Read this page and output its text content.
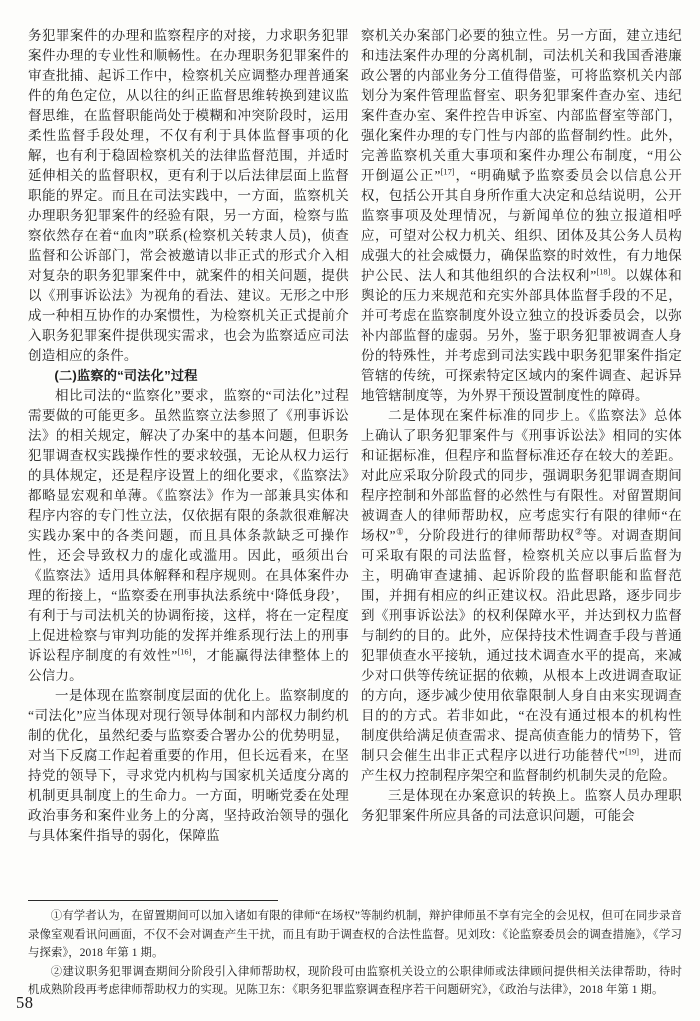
务犯罪案件的办理和监察程序的对接，力求职务犯罪案件办理的专业性和顺畅性。在办理职务犯罪案件的审查批捕、起诉工作中，检察机关应调整办理普通案件的角色定位，从以往的纠正监督思维转换到建议监督思维，在监督职能尚处于模糊和冲突阶段时，运用柔性监督手段处理，不仅有利于具体监督事项的化解，也有利于稳固检察机关的法律监督范围，并适时延伸相关的监督职权，更有利于以后法律层面上监督职能的界定。而且在司法实践中，一方面，监察机关办理职务犯罪案件的经验有限，另一方面，检察与监察依然存在着“血肉”联系(检察机关转隶人员)，侦查监督和公诉部门，常会被邀请以非正式的形式介入相对复杂的职务犯罪案件中，就案件的相关问题，提供以《刑事诉讼法》为视角的看法、建议。无形之中形成一种相互协作的办案惯性，为检察机关正式提前介入职务犯罪案件提供现实需求，也会为监察适应司法创造相应的条件。

(二)监察的“司法化”过程

相比司法的“监察化”要求，监察的“司法化”过程需要做的可能更多。虽然监察立法参照了《刑事诉讼法》的相关规定，解决了办案中的基本问题，但职务犯罪调查权实践操作性的要求较强，无论从权力运行的具体规定，还是程序设置上的细化要求，《监察法》都略显宏观和单薄。《监察法》作为一部兼具实体和程序内容的专门性立法，仅依据有限的条款很难解决实践办案中的各类问题，而且具体条款缺乏可操作性，还会导致权力的虚化或滥用。因此，亟须出台《监察法》适用具体解释和程序规则。在具体案件办理的衔接上，“监察委在刑事执法系统中‘降低身段’，有利于与司法机关的协调衔接，这样，将在一定程度上促进检察与审判功能的发挥并维系现行法上的刑事诉讼程序制度的有效性”[16]，才能赢得法律整体上的公信力。

一是体现在监察制度层面的优化上。监察制度的“司法化”应当体现对现行领导体制和内部权力制约机制的优化，虽然纪委与监察委合署办公的优势明显，对当下反腐工作起着重要的作用，但长远看来，在坚持党的领导下，寻求党内机构与国家机关适度分离的机制更具制度上的生命力。一方面，明晰党委在处理政治事务和案件业务上的分离，坚持政治领导的强化与具体案件指导的弱化，保障监

察机关办案部门必要的独立性。另一方面，建立违纪和违法案件办理的分离机制，司法机关和我国香港廉政公署的内部业务分工值得借鉴，可将监察机关内部划分为案件管理监督室、职务犯罪案件查办室、违纪案件查办室、案件控告申诉室、内部监督室等部门，强化案件办理的专门性与内部的监督制约性。此外，完善监察机关重大事项和案件办理公布制度，“用公开倒逼公正”[17]，“明确赋予监察委员会以信息公开权，包括公开其自身所作重大决定和总结说明，公开监察事项及处理情况，与新闻单位的独立报道相呼应，可望对公权力机关、组织、团体及其公务人员构成强大的社会威慑力，确保监察的时效性，有力地保护公民、法人和其他组织的合法权利”[18]。以媒体和舆论的压力来规范和充实外部具体监督手段的不足，并可考虑在监察制度外设立独立的投诉委员会，以弥补内部监督的虚弱。另外，鉴于职务犯罪被调查人身份的特殊性，并考虑到司法实践中职务犯罪案件指定管辖的传统，可探索特定区域内的案件调查、起诉异地管辖制度等，为外界干预设置制度性的障碍。

二是体现在案件标准的同步上。《监察法》总体上确认了职务犯罪案件与《刑事诉讼法》相同的实体和证据标准，但程序和监督标准还存在较大的差距。对此应采取分阶段式的同步，强调职务犯罪调查期间程序控制和外部监督的必然性与有限性。对留置期间被调查人的律师帮助权，应考虑实行有限的律师“在场权”①，分阶段进行的律师帮助权②等。对调查期间可采取有限的司法监督，检察机关应以事后监督为主，明确审查逮捕、起诉阶段的监督职能和监督范围，并拥有相应的纠正建议权。沿此思路，逐步同步到《刑事诉讼法》的权利保障水平，并达到权力监督与制约的目的。此外，应保持技术性调查手段与普通犯罪侦查水平接轨，通过技术调查水平的提高，来减少对口供等传统证据的依赖，从根本上改进调查取证的方向，逐步减少使用依靠限制人身自由来实现调查目的的方式。若非如此，“在没有通过根本的机构性制度供给满足侦查需求、提高侦查能力的情势下，管制只会催生出非正式程序以进行功能替代”[19]，进而产生权力控制程序架空和监督制约机制失灵的危险。

三是体现在办案意识的转换上。监察人员办理职务犯罪案件所应具备的司法意识问题，可能会

①有学者认为，在留置期间可以加入诸如有限的律师“在场权”等制约机制，辩护律师虽不享有完全的会见权，但可在同步录音录像室观看讯问画面，不仅不会对调查产生干扰，而且有助于调查权的合法性监督。见刘玫：《论监察委员会的调查措施》，《学习与探索》，2018 年第 1 期。

②建议职务犯罪调查期间分阶段引入律师帮助权，现阶段可由监察机关设立的公职律师或法律顾问提供相关法律帮助，待时机成熟阶段再考虑律师帮助权力的实现。见陈卫东：《职务犯罪监察调查程序若干问题研究》，《政治与法律》，2018 年第 1 期。

58
